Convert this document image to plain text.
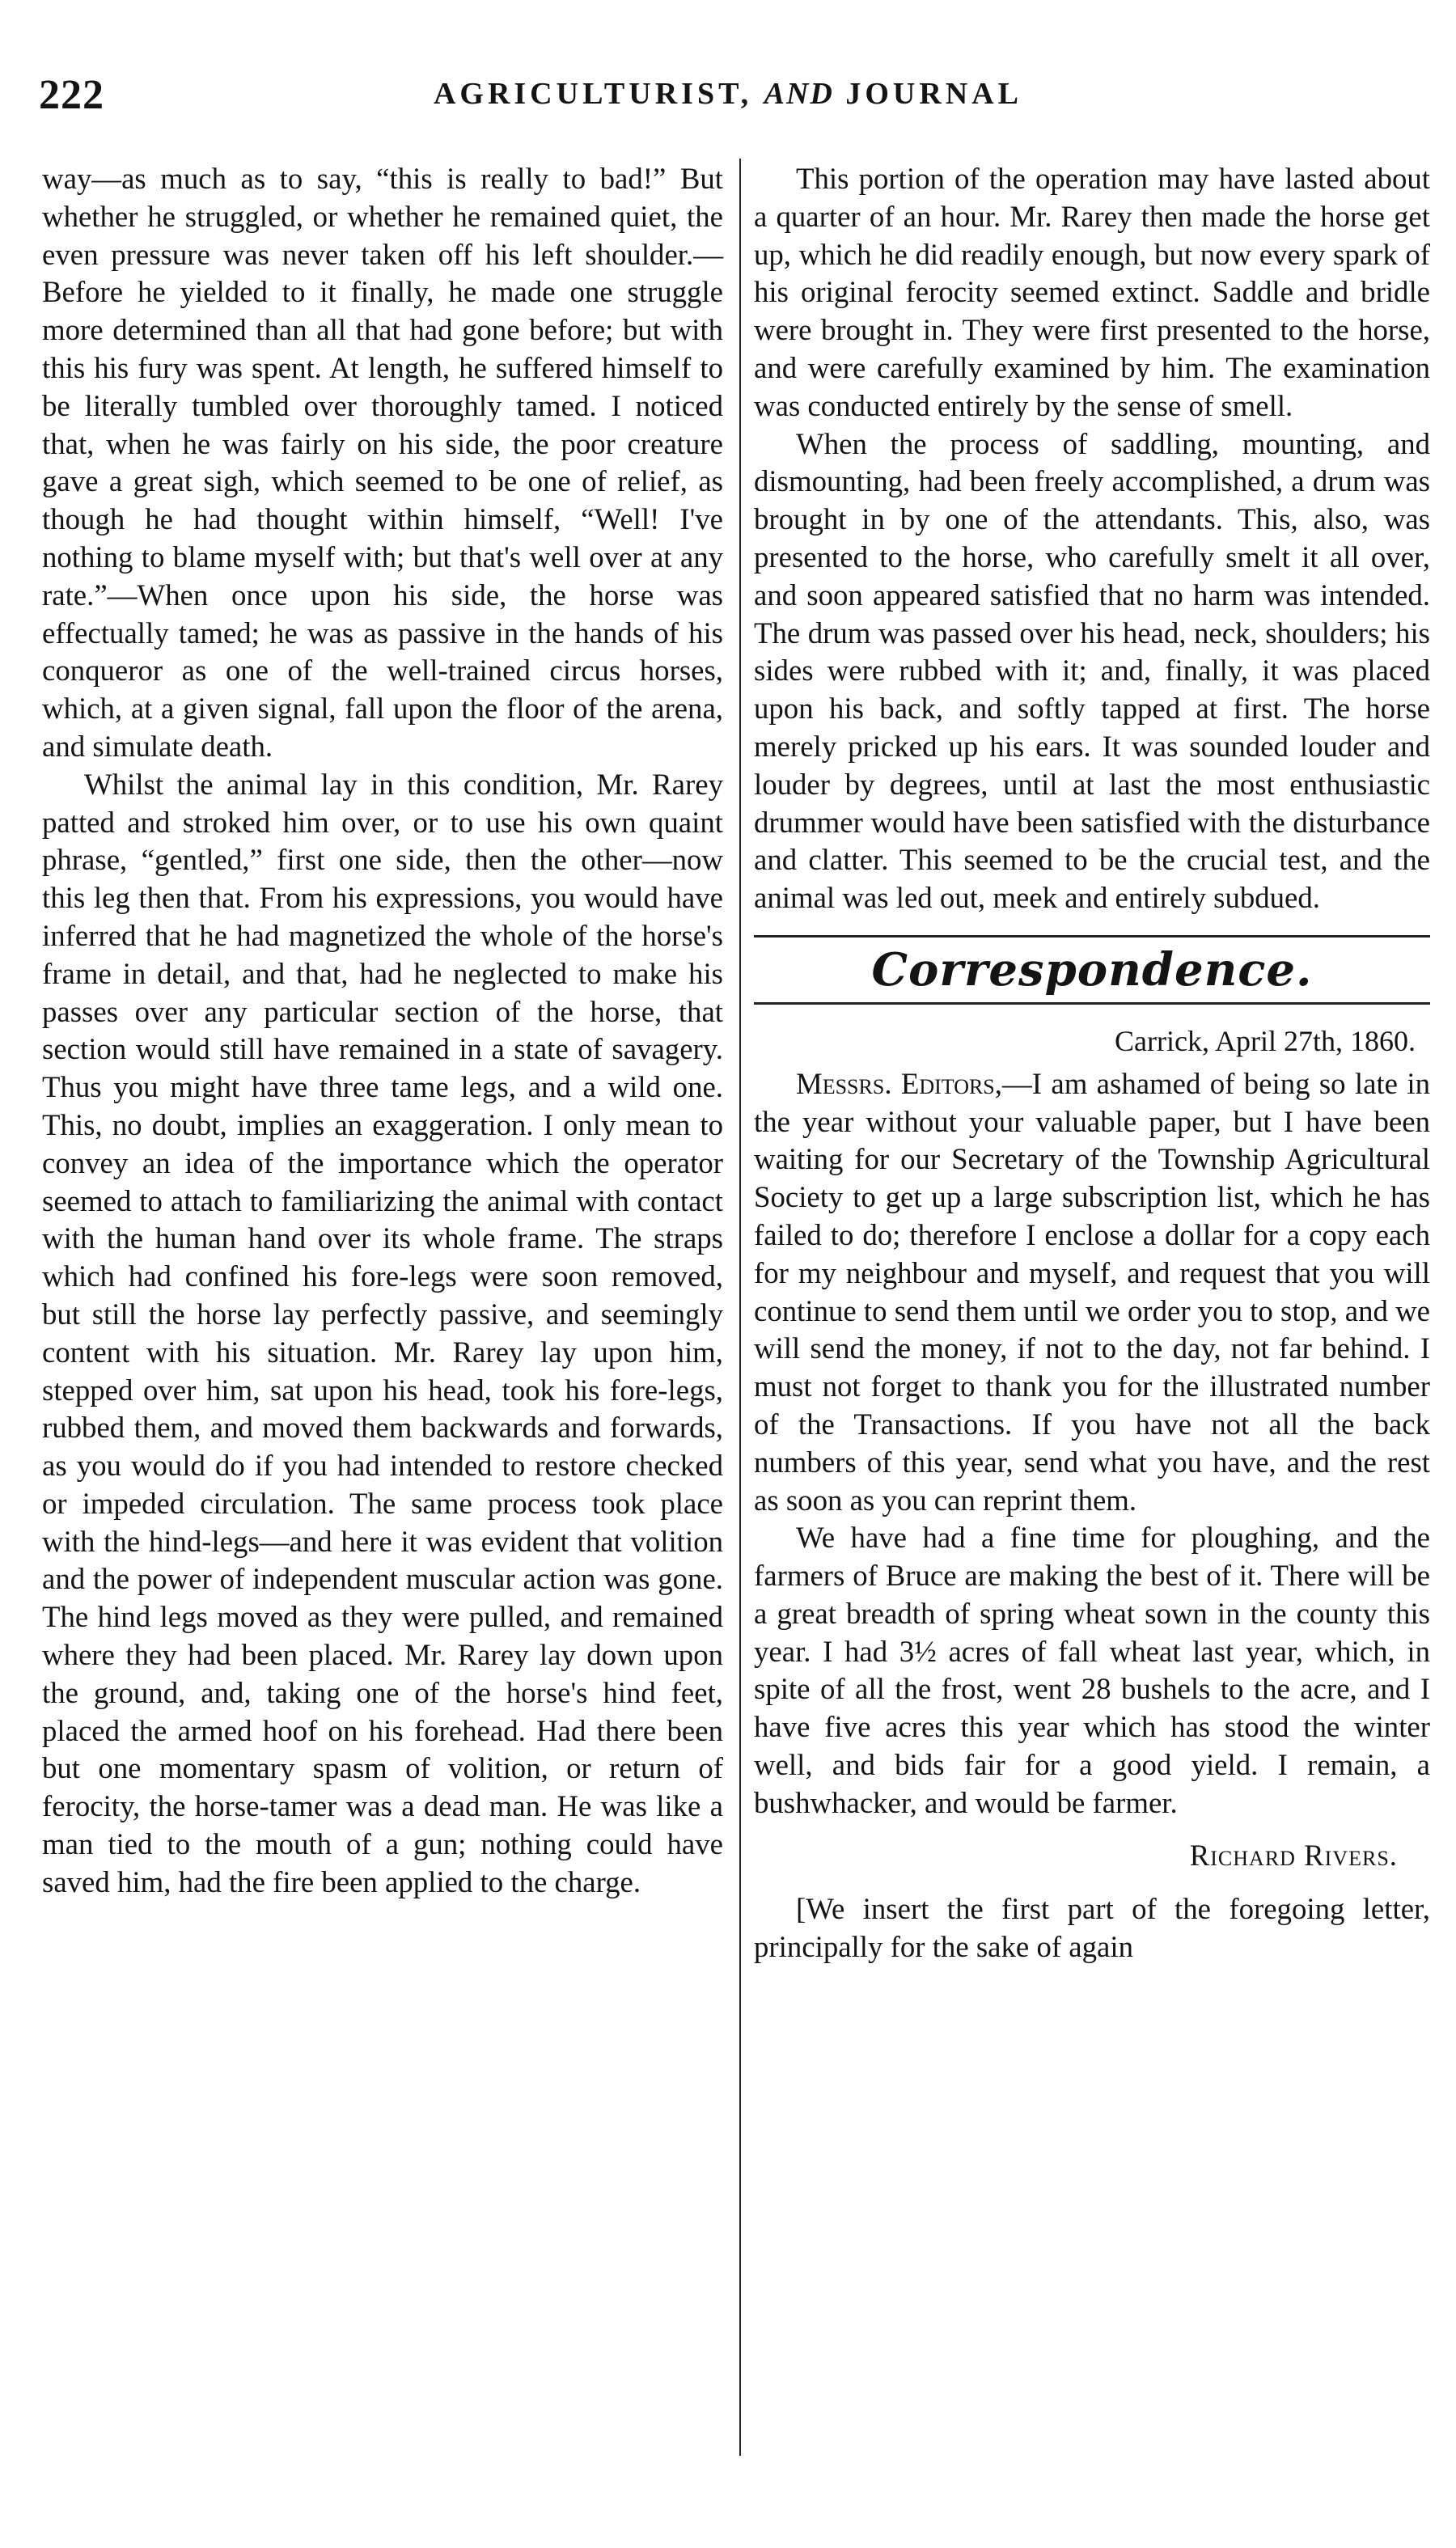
222	AGRICULTURIST, AND JOURNAL

way—as much as to say, “this is really to bad!” But whether he struggled, or whether he remained quiet, the even pressure was never taken off his left shoulder.—Before he yielded to it finally, he made one struggle more determined than all that had gone before; but with this his fury was spent. At length, he suffered himself to be literally tumbled over thoroughly tamed. I noticed that, when he was fairly on his side, the poor creature gave a great sigh, which seemed to be one of relief, as though he had thought within himself, “Well! I've nothing to blame myself with; but that's well over at any rate.”—When once upon his side, the horse was effectually tamed; he was as passive in the hands of his conqueror as one of the well-trained circus horses, which, at a given signal, fall upon the floor of the arena, and simulate death.

Whilst the animal lay in this condition, Mr. Rarey patted and stroked him over, or to use his own quaint phrase, “gentled,” first one side, then the other—now this leg then that. From his expressions, you would have inferred that he had magnetized the whole of the horse's frame in detail, and that, had he neglected to make his passes over any particular section of the horse, that section would still have remained in a state of savagery. Thus you might have three tame legs, and a wild one. This, no doubt, implies an exaggeration. I only mean to convey an idea of the importance which the operator seemed to attach to familiarizing the animal with contact with the human hand over its whole frame. The straps which had confined his fore-legs were soon removed, but still the horse lay perfectly passive, and seemingly content with his situation. Mr. Rarey lay upon him, stepped over him, sat upon his head, took his fore-legs, rubbed them, and moved them backwards and forwards, as you would do if you had intended to restore checked or impeded circulation. The same process took place with the hind-legs—and here it was evident that volition and the power of independent muscular action was gone. The hind legs moved as they were pulled, and remained where they had been placed. Mr. Rarey lay down upon the ground, and, taking one of the horse's hind feet, placed the armed hoof on his forehead. Had there been but one momentary spasm of volition, or return of ferocity, the horse-tamer was a dead man. He was like a man tied to the mouth of a gun; nothing could have saved him, had the fire been applied to the charge.

This portion of the operation may have lasted about a quarter of an hour. Mr. Rarey then made the horse get up, which he did readily enough, but now every spark of his original ferocity seemed extinct. Saddle and bridle were brought in. They were first presented to the horse, and were carefully examined by him. The examination was conducted entirely by the sense of smell.

When the process of saddling, mounting, and dismounting, had been freely accomplished, a drum was brought in by one of the attendants. This, also, was presented to the horse, who carefully smelt it all over, and soon appeared satisfied that no harm was intended. The drum was passed over his head, neck, shoulders; his sides were rubbed with it; and, finally, it was placed upon his back, and softly tapped at first. The horse merely pricked up his ears. It was sounded louder and louder by degrees, until at last the most enthusiastic drummer would have been satisfied with the disturbance and clatter. This seemed to be the crucial test, and the animal was led out, meek and entirely subdued.

Correspondence.
Carrick, April 27th, 1860.

Messrs. Editors,—I am ashamed of being so late in the year without your valuable paper, but I have been waiting for our Secretary of the Township Agricultural Society to get up a large subscription list, which he has failed to do; therefore I enclose a dollar for a copy each for my neighbour and myself, and request that you will continue to send them until we order you to stop, and we will send the money, if not to the day, not far behind. I must not forget to thank you for the illustrated number of the Transactions. If you have not all the back numbers of this year, send what you have, and the rest as soon as you can reprint them.

We have had a fine time for ploughing, and the farmers of Bruce are making the best of it. There will be a great breadth of spring wheat sown in the county this year. I had 3½ acres of fall wheat last year, which, in spite of all the frost, went 28 bushels to the acre, and I have five acres this year which has stood the winter well, and bids fair for a good yield. I remain, a bushwhacker, and would be farmer.

Richard Rivers.

[We insert the first part of the foregoing letter, principally for the sake of again
